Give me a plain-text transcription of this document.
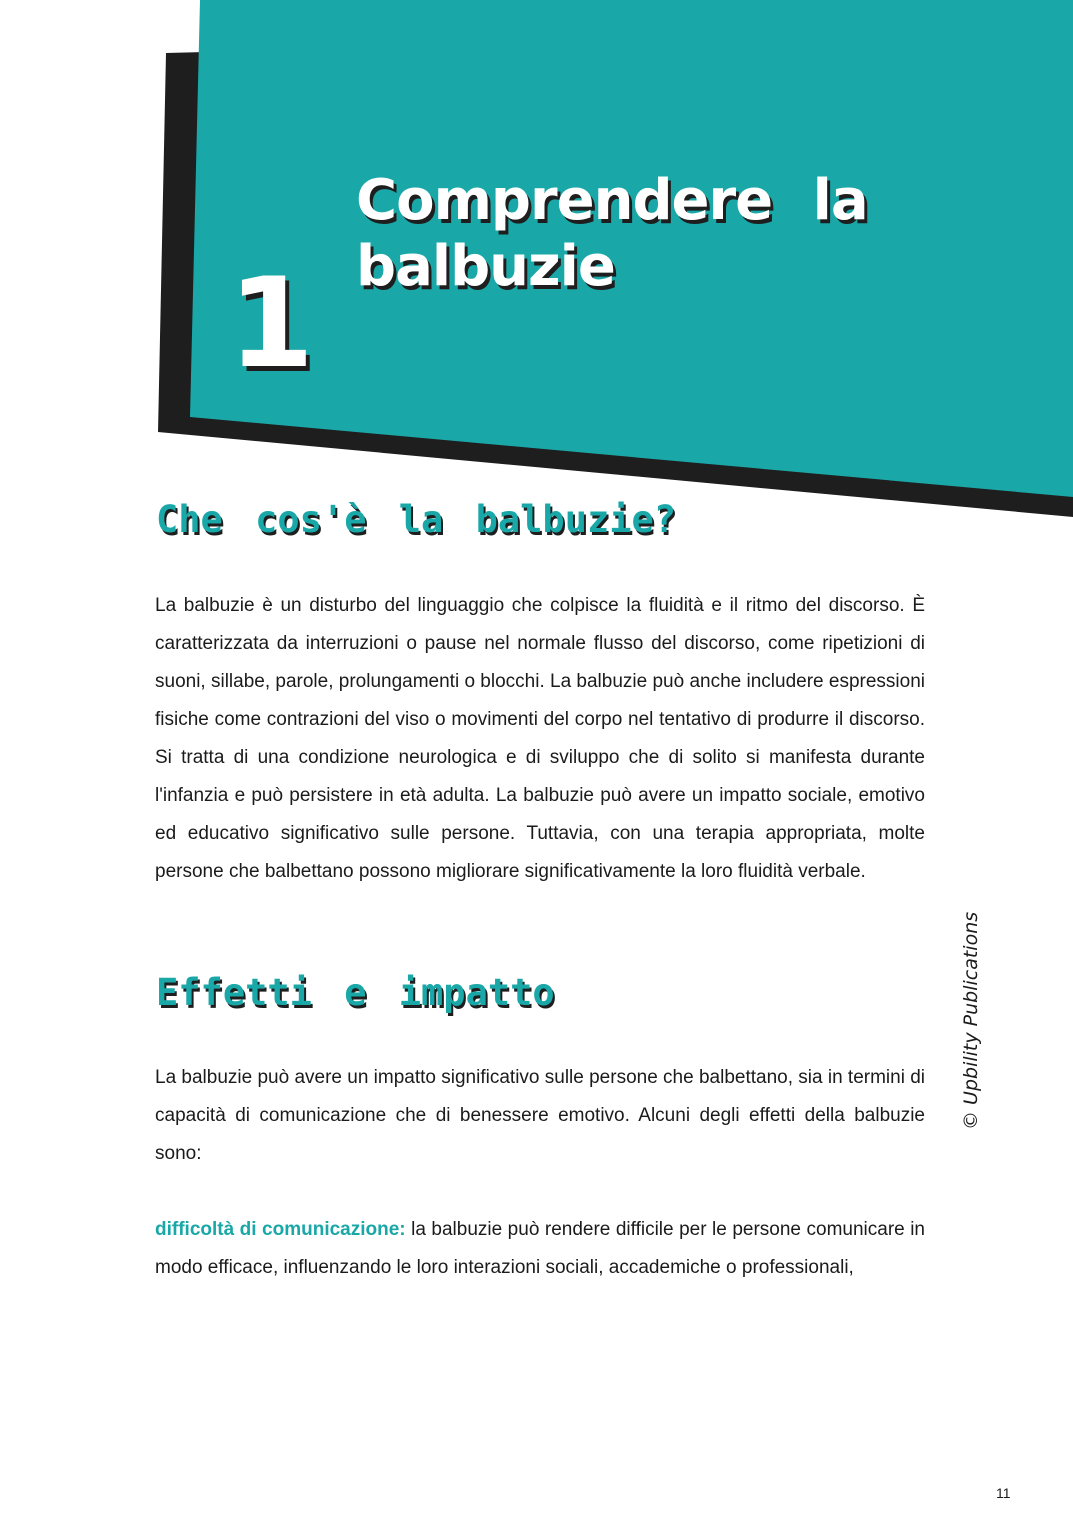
1
Comprendere la balbuzie
Che cos'è la balbuzie?

La balbuzie è un disturbo del linguaggio che colpisce la fluidità e il ritmo del discorso. È caratterizzata da interruzioni o pause nel normale flusso del discorso, come ripetizioni di suoni, sillabe, parole, prolungamenti o blocchi. La balbuzie può anche includere espressioni fisiche come contrazioni del viso o movimenti del corpo nel tentativo di produrre il discorso. Si tratta di una condizione neurologica e di sviluppo che di solito si manifesta durante l'infanzia e può persistere in età adulta. La balbuzie può avere un impatto sociale, emotivo ed educativo significativo sulle persone. Tuttavia, con una terapia appropriata, molte persone che balbettano possono migliorare significativamente la loro fluidità verbale.

Effetti e impatto

La balbuzie può avere un impatto significativo sulle persone che balbettano, sia in termini di capacità di comunicazione che di benessere emotivo. Alcuni degli effetti della balbuzie sono:

difficoltà di comunicazione: la balbuzie può rendere difficile per le persone comunicare in modo efficace, influenzando le loro interazioni sociali, accademiche o professionali,

© Upbility Publications
11
